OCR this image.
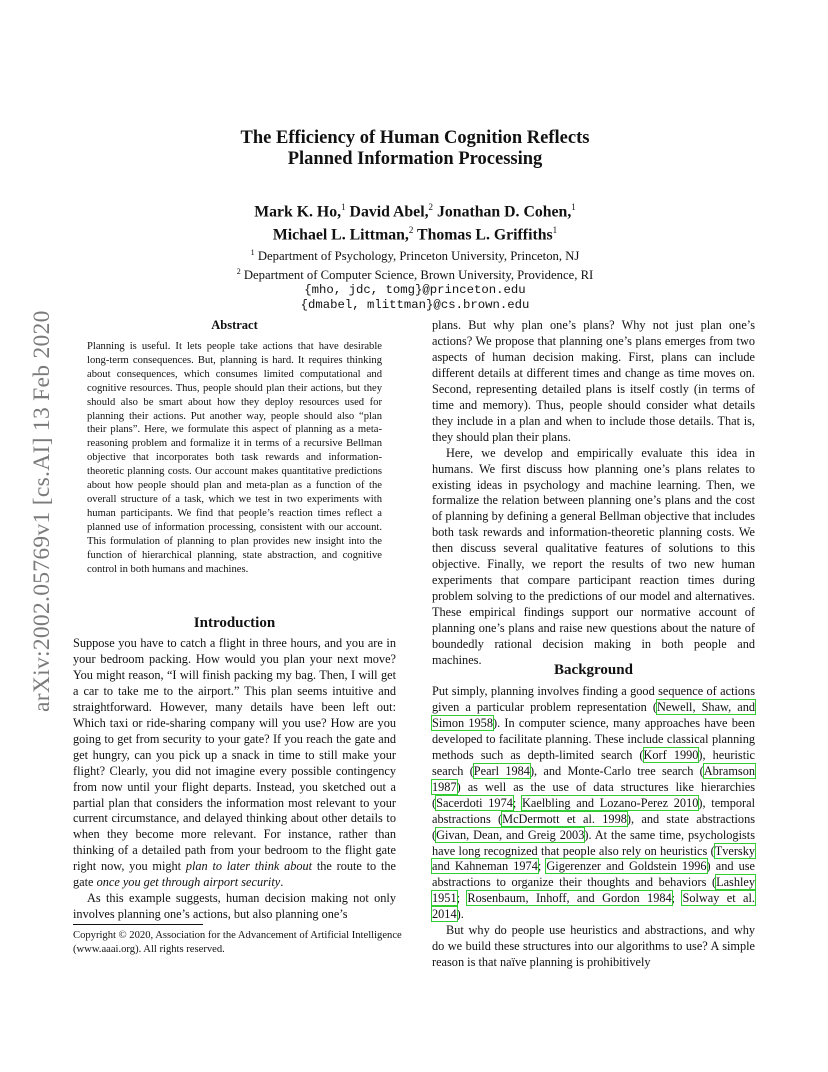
arXiv:2002.05769v1 [cs.AI] 13 Feb 2020
The Efficiency of Human Cognition Reflects
Planned Information Processing
Mark K. Ho,$^1$ David Abel,$^2$ Jonathan D. Cohen,$^1$
Michael L. Littman,$^2$ Thomas L. Griffiths$^1$
$^1$ Department of Psychology, Princeton University, Princeton, NJ
$^2$ Department of Computer Science, Brown University, Providence, RI
{mho, jdc, tomg}@princeton.edu
{dmabel, mlittman}@cs.brown.edu
Abstract
Planning is useful. It lets people take actions that have desirable long-term consequences. But, planning is hard. It requires thinking about consequences, which consumes limited computational and cognitive resources. Thus, people should plan their actions, but they should also be smart about how they deploy resources used for planning their actions. Put another way, people should also “plan their plans”. Here, we formulate this aspect of planning as a meta-reasoning problem and formalize it in terms of a recursive Bellman objective that incorporates both task rewards and information-theoretic planning costs. Our account makes quantitative predictions about how people should plan and meta-plan as a function of the overall structure of a task, which we test in two experiments with human participants. We find that people’s reaction times reflect a planned use of information processing, consistent with our account. This formulation of planning to plan provides new insight into the function of hierarchical planning, state abstraction, and cognitive control in both humans and machines.
Introduction

Suppose you have to catch a flight in three hours, and you are in your bedroom packing. How would you plan your next move? You might reason, “I will finish packing my bag. Then, I will get a car to take me to the airport.” This plan seems intuitive and straightforward. However, many details have been left out: Which taxi or ride-sharing company will you use? How are you going to get from security to your gate? If you reach the gate and get hungry, can you pick up a snack in time to still make your flight? Clearly, you did not imagine every possible contingency from now until your flight departs. Instead, you sketched out a partial plan that considers the information most relevant to your current circumstance, and delayed thinking about other details to when they become more relevant. For instance, rather than thinking of a detailed path from your bedroom to the flight gate right now, you might plan to later think about the route to the gate once you get through airport security.

As this example suggests, human decision making not only involves planning one’s actions, but also planning one’s

Copyright © 2020, Association for the Advancement of Artificial Intelligence (www.aaai.org). All rights reserved.

plans. But why plan one’s plans? Why not just plan one’s actions? We propose that planning one’s plans emerges from two aspects of human decision making. First, plans can include different details at different times and change as time moves on. Second, representing detailed plans is itself costly (in terms of time and memory). Thus, people should consider what details they include in a plan and when to include those details. That is, they should plan their plans.

Here, we develop and empirically evaluate this idea in humans. We first discuss how planning one’s plans relates to existing ideas in psychology and machine learning. Then, we formalize the relation between planning one’s plans and the cost of planning by defining a general Bellman objective that includes both task rewards and information-theoretic planning costs. We then discuss several qualitative features of solutions to this objective. Finally, we report the results of two new human experiments that compare participant reaction times during problem solving to the predictions of our model and alternatives. These empirical findings support our normative account of planning one’s plans and raise new questions about the nature of boundedly rational decision making in both people and machines.

Background

Put simply, planning involves finding a good sequence of actions given a particular problem representation (Newell, Shaw, and Simon 1958). In computer science, many approaches have been developed to facilitate planning. These include classical planning methods such as depth-limited search (Korf 1990), heuristic search (Pearl 1984), and Monte-Carlo tree search (Abramson 1987) as well as the use of data structures like hierarchies (Sacerdoti 1974; Kaelbling and Lozano-Perez 2010), temporal abstractions (McDermott et al. 1998), and state abstractions (Givan, Dean, and Greig 2003). At the same time, psychologists have long recognized that people also rely on heuristics (Tversky and Kahneman 1974; Gigerenzer and Goldstein 1996) and use abstractions to organize their thoughts and behaviors (Lashley 1951; Rosenbaum, Inhoff, and Gordon 1984; Solway et al. 2014).

But why do people use heuristics and abstractions, and why do we build these structures into our algorithms to use? A simple reason is that naïve planning is prohibitively
